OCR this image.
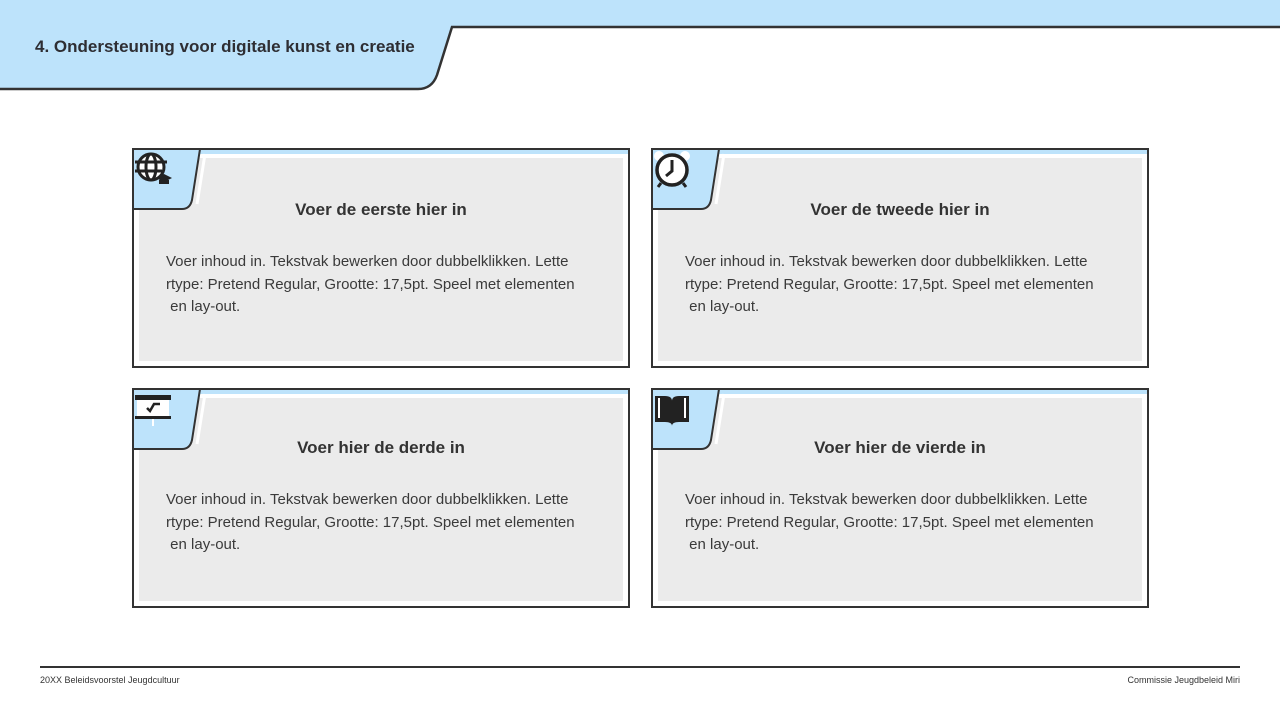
4. Ondersteuning voor digitale kunst en creatie
Voer de eerste hier in
Voer inhoud in. Tekstvak bewerken door dubbelklikken. Lette
rtype: Pretend Regular, Grootte: 17,5pt. Speel met elementen
en lay-out.
Voer de tweede hier in
Voer inhoud in. Tekstvak bewerken door dubbelklikken. Lette
rtype: Pretend Regular, Grootte: 17,5pt. Speel met elementen
en lay-out.
Voer hier de derde in
Voer inhoud in. Tekstvak bewerken door dubbelklikken. Lette
rtype: Pretend Regular, Grootte: 17,5pt. Speel met elementen
en lay-out.
Voer hier de vierde in
Voer inhoud in. Tekstvak bewerken door dubbelklikken. Lette
rtype: Pretend Regular, Grootte: 17,5pt. Speel met elementen
en lay-out.
20XX Beleidsvoorstel Jeugdcultuur	Commissie Jeugdbeleid Miri
